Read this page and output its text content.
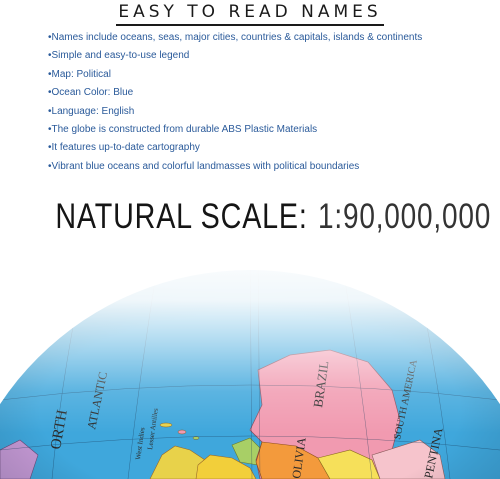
EASY TO READ NAMES
•Names include oceans, seas, major cities, countries & capitals, islands & continents
•Simple and easy-to-use legend
•Map: Political
•Ocean Color: Blue
•Language: English
•The globe is constructed from durable ABS Plastic Materials
•It features up-to-date cartography
•Vibrant blue oceans and colorful landmasses with political boundaries
NATURAL SCALE: 1:90,000,000
